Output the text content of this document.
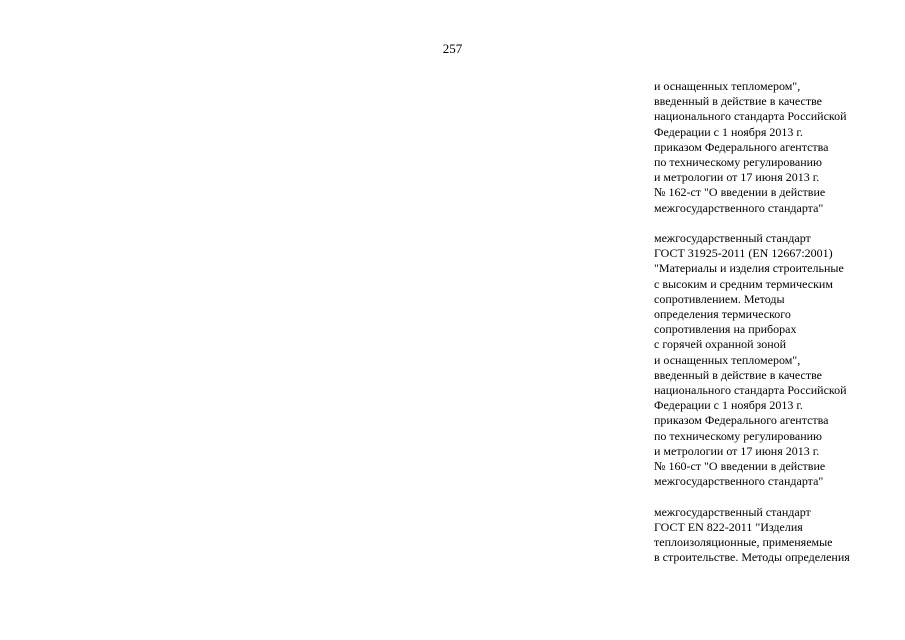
257

и оснащенных тепломером",
введенный в действие в качестве
национального стандарта Российской
Федерации с 1 ноября 2013 г.
приказом Федерального агентства
по техническому регулированию
и метрологии от 17 июня 2013 г.
№ 162-ст "О введении в действие
межгосударственного стандарта"

межгосударственный стандарт
ГОСТ 31925-2011 (EN 12667:2001)
"Материалы и изделия строительные
с высоким и средним термическим
сопротивлением. Методы
определения термического
сопротивления на приборах
с горячей охранной зоной
и оснащенных тепломером",
введенный в действие в качестве
национального стандарта Российской
Федерации с 1 ноября 2013 г.
приказом Федерального агентства
по техническому регулированию
и метрологии от 17 июня 2013 г.
№ 160-ст "О введении в действие
межгосударственного стандарта"

межгосударственный стандарт
ГОСТ EN 822-2011 "Изделия
теплоизоляционные, применяемые
в строительстве. Методы определения
